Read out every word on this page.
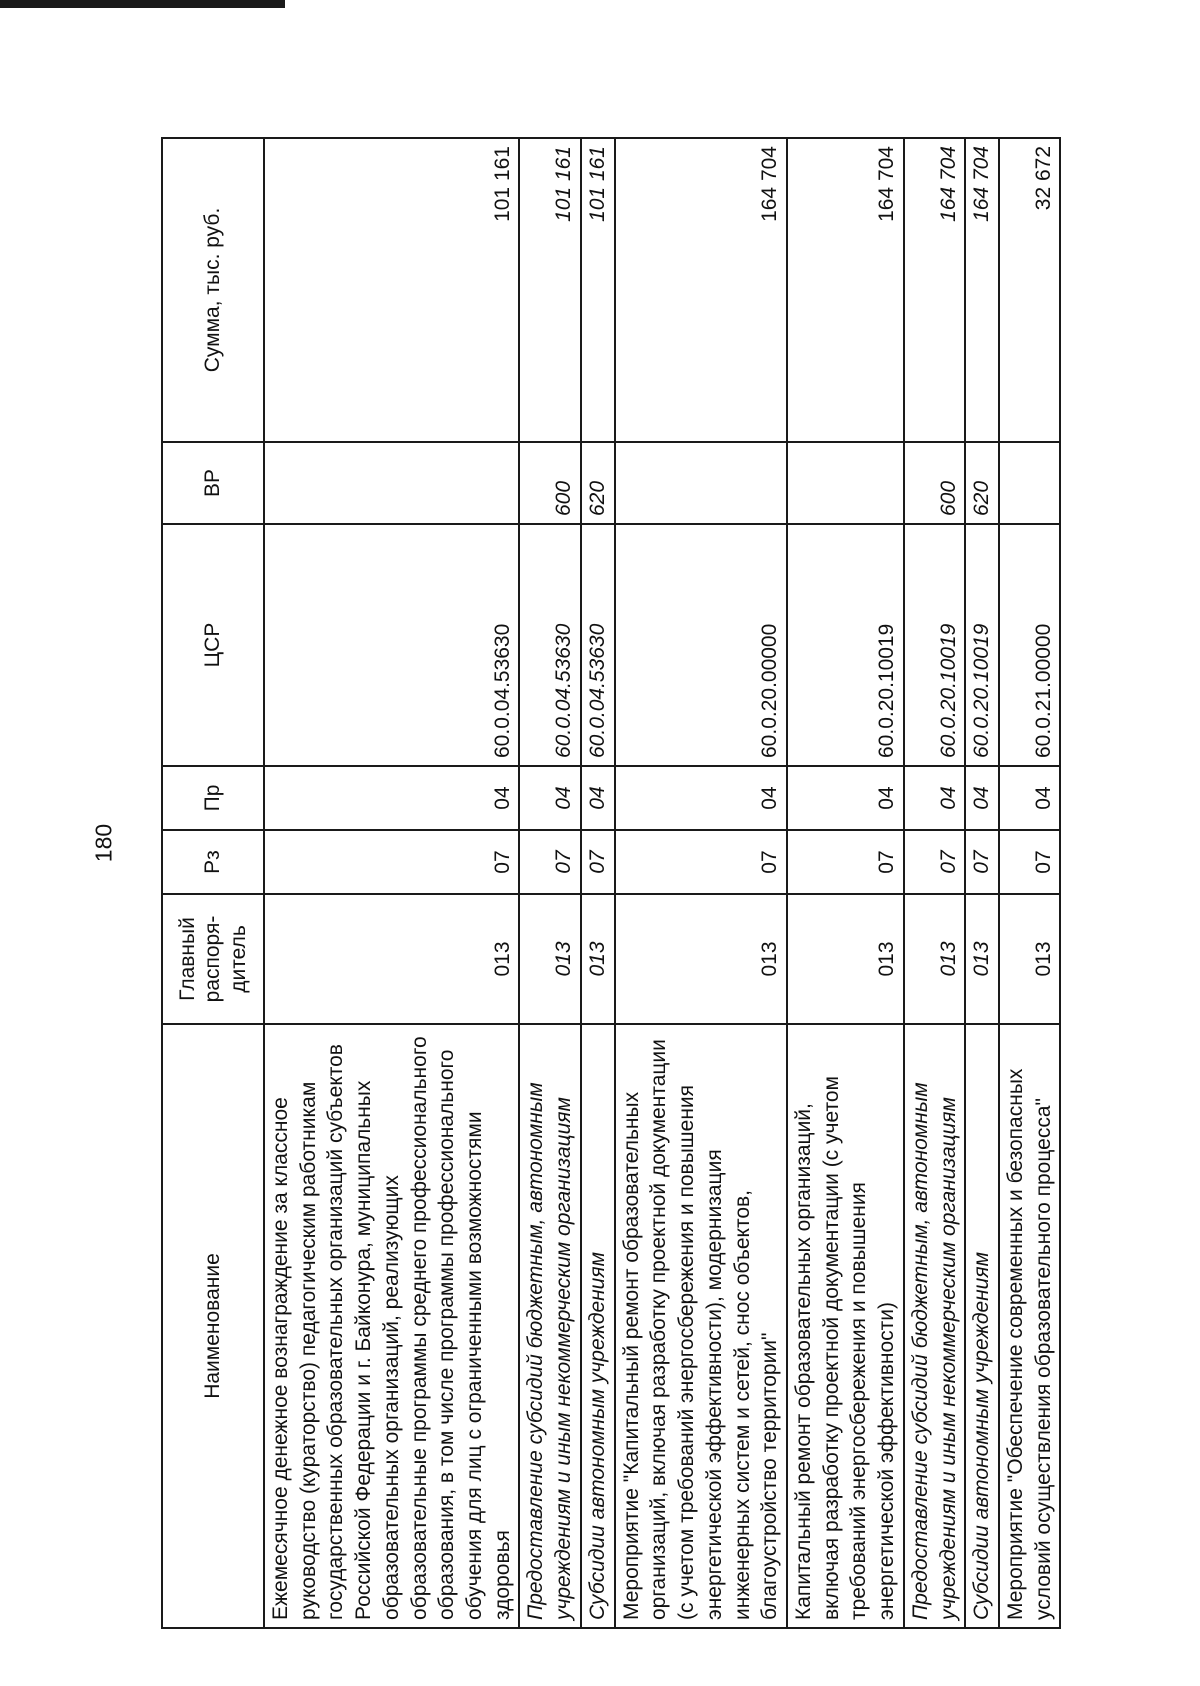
180
Наименование	Главный распоря-дитель	Рз	Пр	ЦСР	ВР	Сумма, тыс. руб.
Ежемесячное денежное вознаграждение за классное руководство (кураторство) педагогическим работникам государственных образовательных организаций субъектов Российской Федерации и г. Байконура, муниципальных образовательных организаций, реализующих образовательные программы среднего профессионального образования, в том числе программы профессионального обучения для лиц с ограниченными возможностями здоровья	013	07	04	60.0.04.53630		101 161
Предоставление субсидий бюджетным, автономным учреждениям и иным некоммерческим организациям	013	07	04	60.0.04.53630	600	101 161
Субсидии автономным учреждениям	013	07	04	60.0.04.53630	620	101 161
Мероприятие "Капитальный ремонт образовательных организаций, включая разработку проектной документации (с учетом требований энергосбережения и повышения энергетической эффективности), модернизация инженерных систем и сетей, снос объектов, благоустройство территории"	013	07	04	60.0.20.00000		164 704
Капитальный ремонт образовательных организаций, включая разработку проектной документации (с учетом требований энергосбережения и повышения энергетической эффективности)	013	07	04	60.0.20.10019		164 704
Предоставление субсидий бюджетным, автономным учреждениям и иным некоммерческим организациям	013	07	04	60.0.20.10019	600	164 704
Субсидии автономным учреждениям	013	07	04	60.0.20.10019	620	164 704
Мероприятие "Обеспечение современных и безопасных условий осуществления образовательного процесса"	013	07	04	60.0.21.00000		32 672
